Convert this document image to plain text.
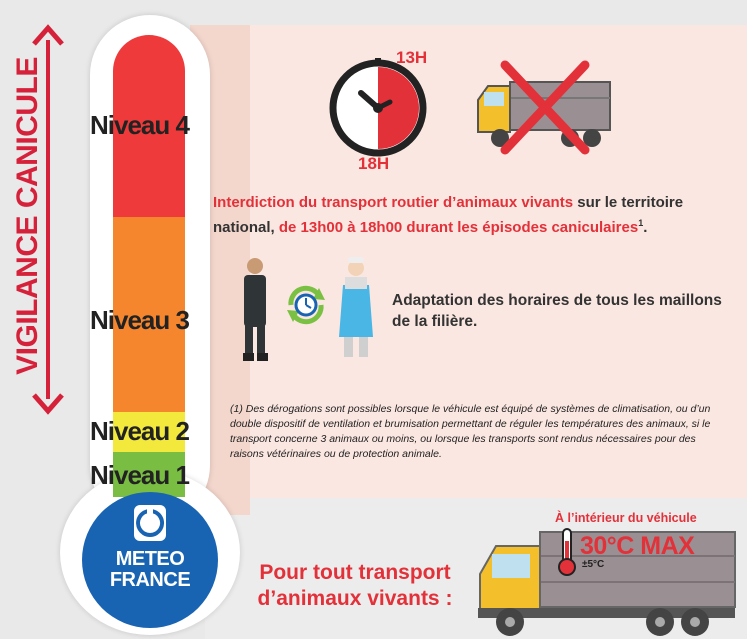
VIGILANCE CANICULE Niveau 4
Niveau 3
Niveau 2
Niveau 1
METEO
FRANCE
13H
18H
Interdiction du transport routier d’animaux vivants sur le territoire national, de 13h00 à 18h00 durant les épisodes caniculaires$^1$.
Adaptation des horaires de tous les maillons de la filière.
(1) Des dérogations sont possibles lorsque le véhicule est équipé de systèmes de climatisation, ou d’un double dispositif de ventilation et brumisation permettant de réguler les températures des animaux, si le transport concerne 3 animaux ou moins, ou lorsque les transports sont rendus nécessaires pour des raisons vétérinaires ou de protection animale.
Pour tout transport d’animaux vivants :
À l’intérieur du véhicule
30°C MAX
±5°C
